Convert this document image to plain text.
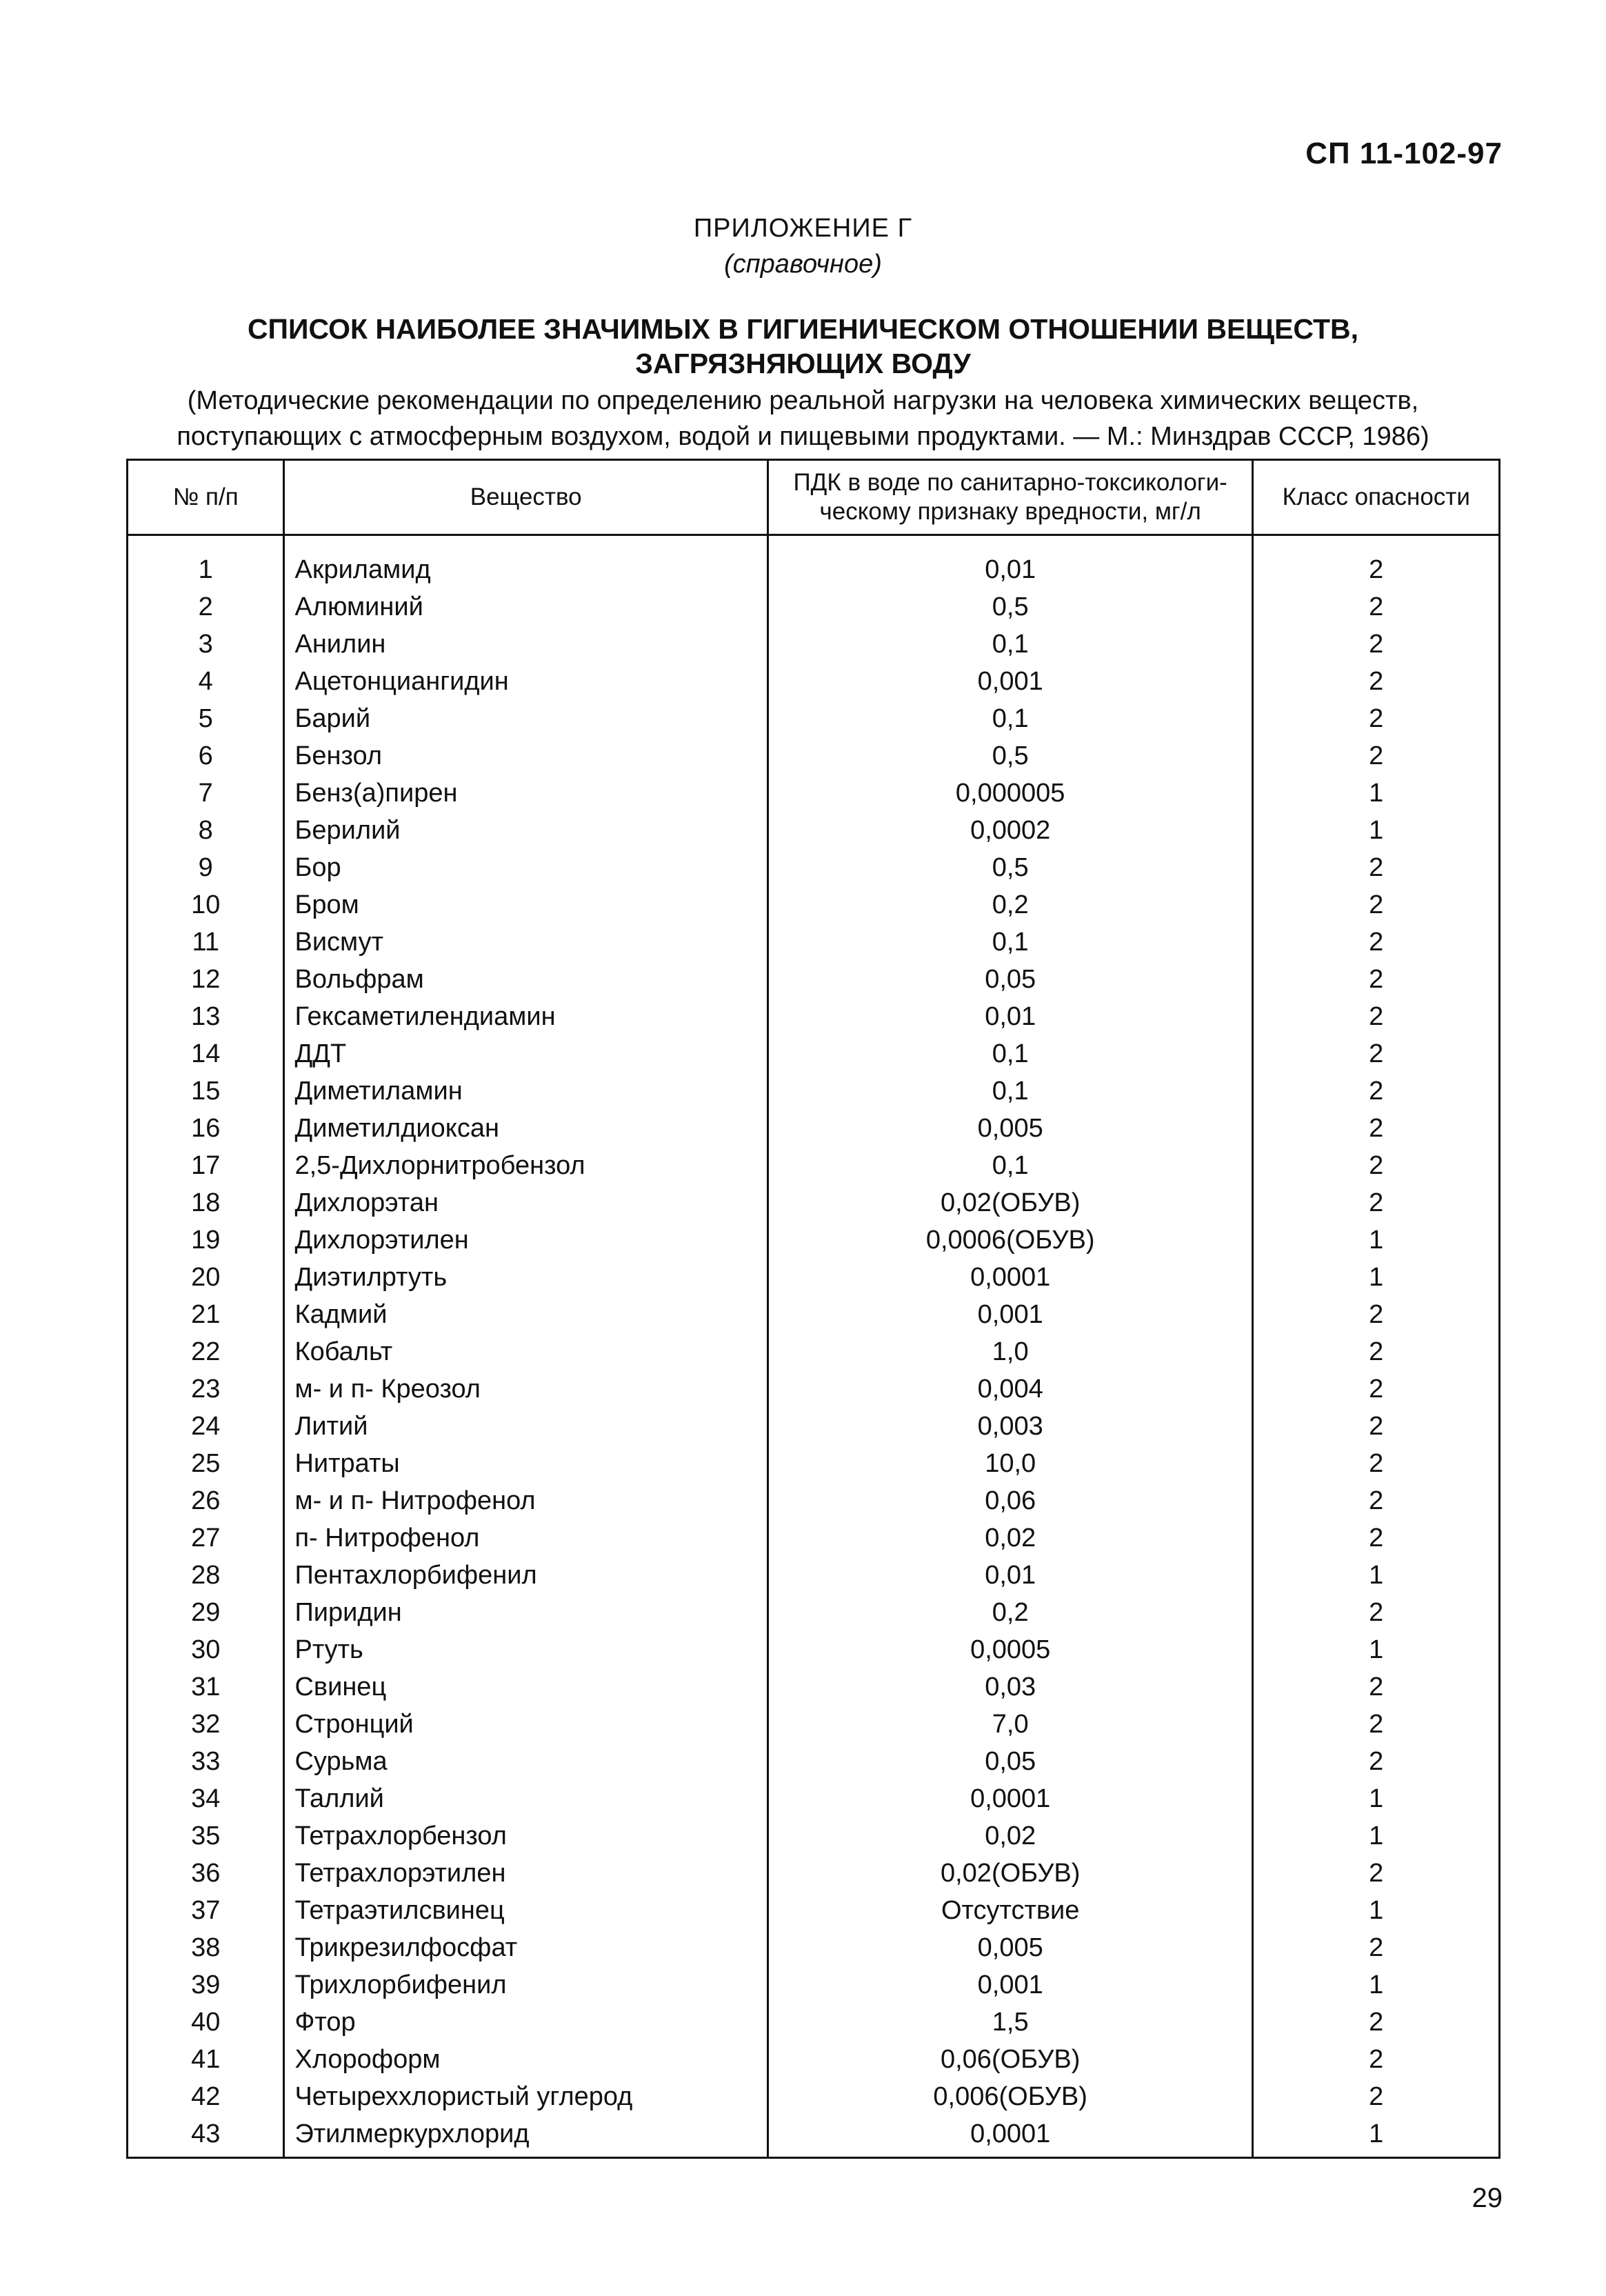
СП 11-102-97
ПРИЛОЖЕНИЕ Г
(справочное)
СПИСОК НАИБОЛЕЕ ЗНАЧИМЫХ В ГИГИЕНИЧЕСКОМ ОТНОШЕНИИ ВЕЩЕСТВ,
ЗАГРЯЗНЯЮЩИХ ВОДУ
(Методические рекомендации по определению реальной нагрузки на человека химических веществ,
поступающих с атмосферным воздухом, водой и пищевыми продуктами. — М.: Минздрав СССР, 1986)
№ п/п	Вещество	ПДК в воде по санитарно-токсикологи-
ческому признаку вредности, мг/л	Класс опасности
1	Акриламид	0,01	2
2	Алюминий	0,5	2
3	Анилин	0,1	2
4	Ацетонциангидин	0,001	2
5	Барий	0,1	2
6	Бензол	0,5	2
7	Бенз(а)пирен	0,000005	1
8	Берилий	0,0002	1
9	Бор	0,5	2
10	Бром	0,2	2
11	Висмут	0,1	2
12	Вольфрам	0,05	2
13	Гексаметилендиамин	0,01	2
14	ДДТ	0,1	2
15	Диметиламин	0,1	2
16	Диметилдиоксан	0,005	2
17	2,5-Дихлорнитробензол	0,1	2
18	Дихлорэтан	0,02(ОБУВ)	2
19	Дихлорэтилен	0,0006(ОБУВ)	1
20	Диэтилртуть	0,0001	1
21	Кадмий	0,001	2
22	Кобальт	1,0	2
23	м- и п- Креозол	0,004	2
24	Литий	0,003	2
25	Нитраты	10,0	2
26	м- и п- Нитрофенол	0,06	2
27	п- Нитрофенол	0,02	2
28	Пентахлорбифенил	0,01	1
29	Пиридин	0,2	2
30	Ртуть	0,0005	1
31	Свинец	0,03	2
32	Стронций	7,0	2
33	Сурьма	0,05	2
34	Таллий	0,0001	1
35	Тетрахлорбензол	0,02	1
36	Тетрахлорэтилен	0,02(ОБУВ)	2
37	Тетраэтилсвинец	Отсутствие	1
38	Трикрезилфосфат	0,005	2
39	Трихлорбифенил	0,001	1
40	Фтор	1,5	2
41	Хлороформ	0,06(ОБУВ)	2
42	Четыреххлористый углерод	0,006(ОБУВ)	2
43	Этилмеркурхлорид	0,0001	1
29
